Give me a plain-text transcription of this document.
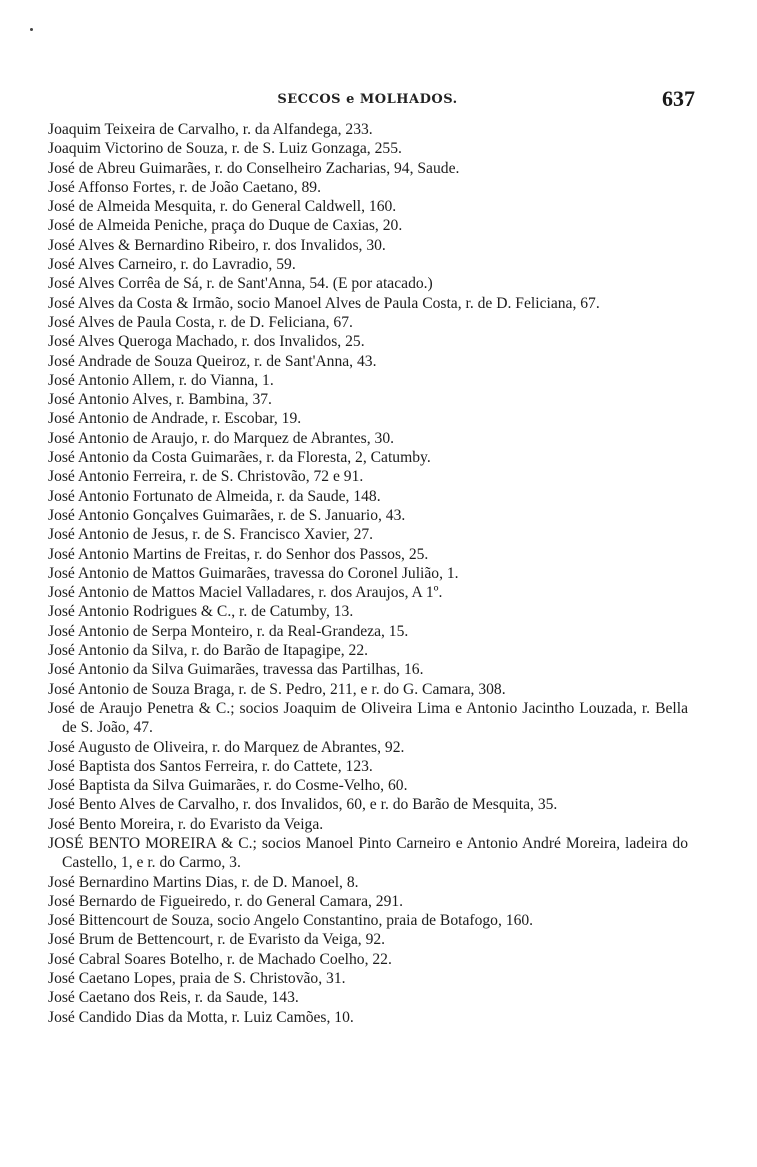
SECCOS e MOLHADOS.	637
Joaquim Teixeira de Carvalho, r. da Alfandega, 233.
Joaquim Victorino de Souza, r. de S. Luiz Gonzaga, 255.
José de Abreu Guimarães, r. do Conselheiro Zacharias, 94, Saude.
José Affonso Fortes, r. de João Caetano, 89.
José de Almeida Mesquita, r. do General Caldwell, 160.
José de Almeida Peniche, praça do Duque de Caxias, 20.
José Alves & Bernardino Ribeiro, r. dos Invalidos, 30.
José Alves Carneiro, r. do Lavradio, 59.
José Alves Corrêa de Sá, r. de Sant'Anna, 54. (E por atacado.)
José Alves da Costa & Irmão, socio Manoel Alves de Paula Costa, r. de D. Feliciana, 67.
José Alves de Paula Costa, r. de D. Feliciana, 67.
José Alves Queroga Machado, r. dos Invalidos, 25.
José Andrade de Souza Queiroz, r. de Sant'Anna, 43.
José Antonio Allem, r. do Vianna, 1.
José Antonio Alves, r. Bambina, 37.
José Antonio de Andrade, r. Escobar, 19.
José Antonio de Araujo, r. do Marquez de Abrantes, 30.
José Antonio da Costa Guimarães, r. da Floresta, 2, Catumby.
José Antonio Ferreira, r. de S. Christovão, 72 e 91.
José Antonio Fortunato de Almeida, r. da Saude, 148.
José Antonio Gonçalves Guimarães, r. de S. Januario, 43.
José Antonio de Jesus, r. de S. Francisco Xavier, 27.
José Antonio Martins de Freitas, r. do Senhor dos Passos, 25.
José Antonio de Mattos Guimarães, travessa do Coronel Julião, 1.
José Antonio de Mattos Maciel Valladares, r. dos Araujos, A 1º.
José Antonio Rodrigues & C., r. de Catumby, 13.
José Antonio de Serpa Monteiro, r. da Real-Grandeza, 15.
José Antonio da Silva, r. do Barão de Itapagipe, 22.
José Antonio da Silva Guimarães, travessa das Partilhas, 16.
José Antonio de Souza Braga, r. de S. Pedro, 211, e r. do G. Camara, 308.
José de Araujo Penetra & C.; socios Joaquim de Oliveira Lima e Antonio Jacintho Louzada, r. Bella de S. João, 47.
José Augusto de Oliveira, r. do Marquez de Abrantes, 92.
José Baptista dos Santos Ferreira, r. do Cattete, 123.
José Baptista da Silva Guimarães, r. do Cosme-Velho, 60.
José Bento Alves de Carvalho, r. dos Invalidos, 60, e r. do Barão de Mesquita, 35.
José Bento Moreira, r. do Evaristo da Veiga.
JOSÉ BENTO MOREIRA & C.; socios Manoel Pinto Carneiro e Antonio André Moreira, ladeira do Castello, 1, e r. do Carmo, 3.
José Bernardino Martins Dias, r. de D. Manoel, 8.
José Bernardo de Figueiredo, r. do General Camara, 291.
José Bittencourt de Souza, socio Angelo Constantino, praia de Botafogo, 160.
José Brum de Bettencourt, r. de Evaristo da Veiga, 92.
José Cabral Soares Botelho, r. de Machado Coelho, 22.
José Caetano Lopes, praia de S. Christovão, 31.
José Caetano dos Reis, r. da Saude, 143.
José Candido Dias da Motta, r. Luiz Camões, 10.
